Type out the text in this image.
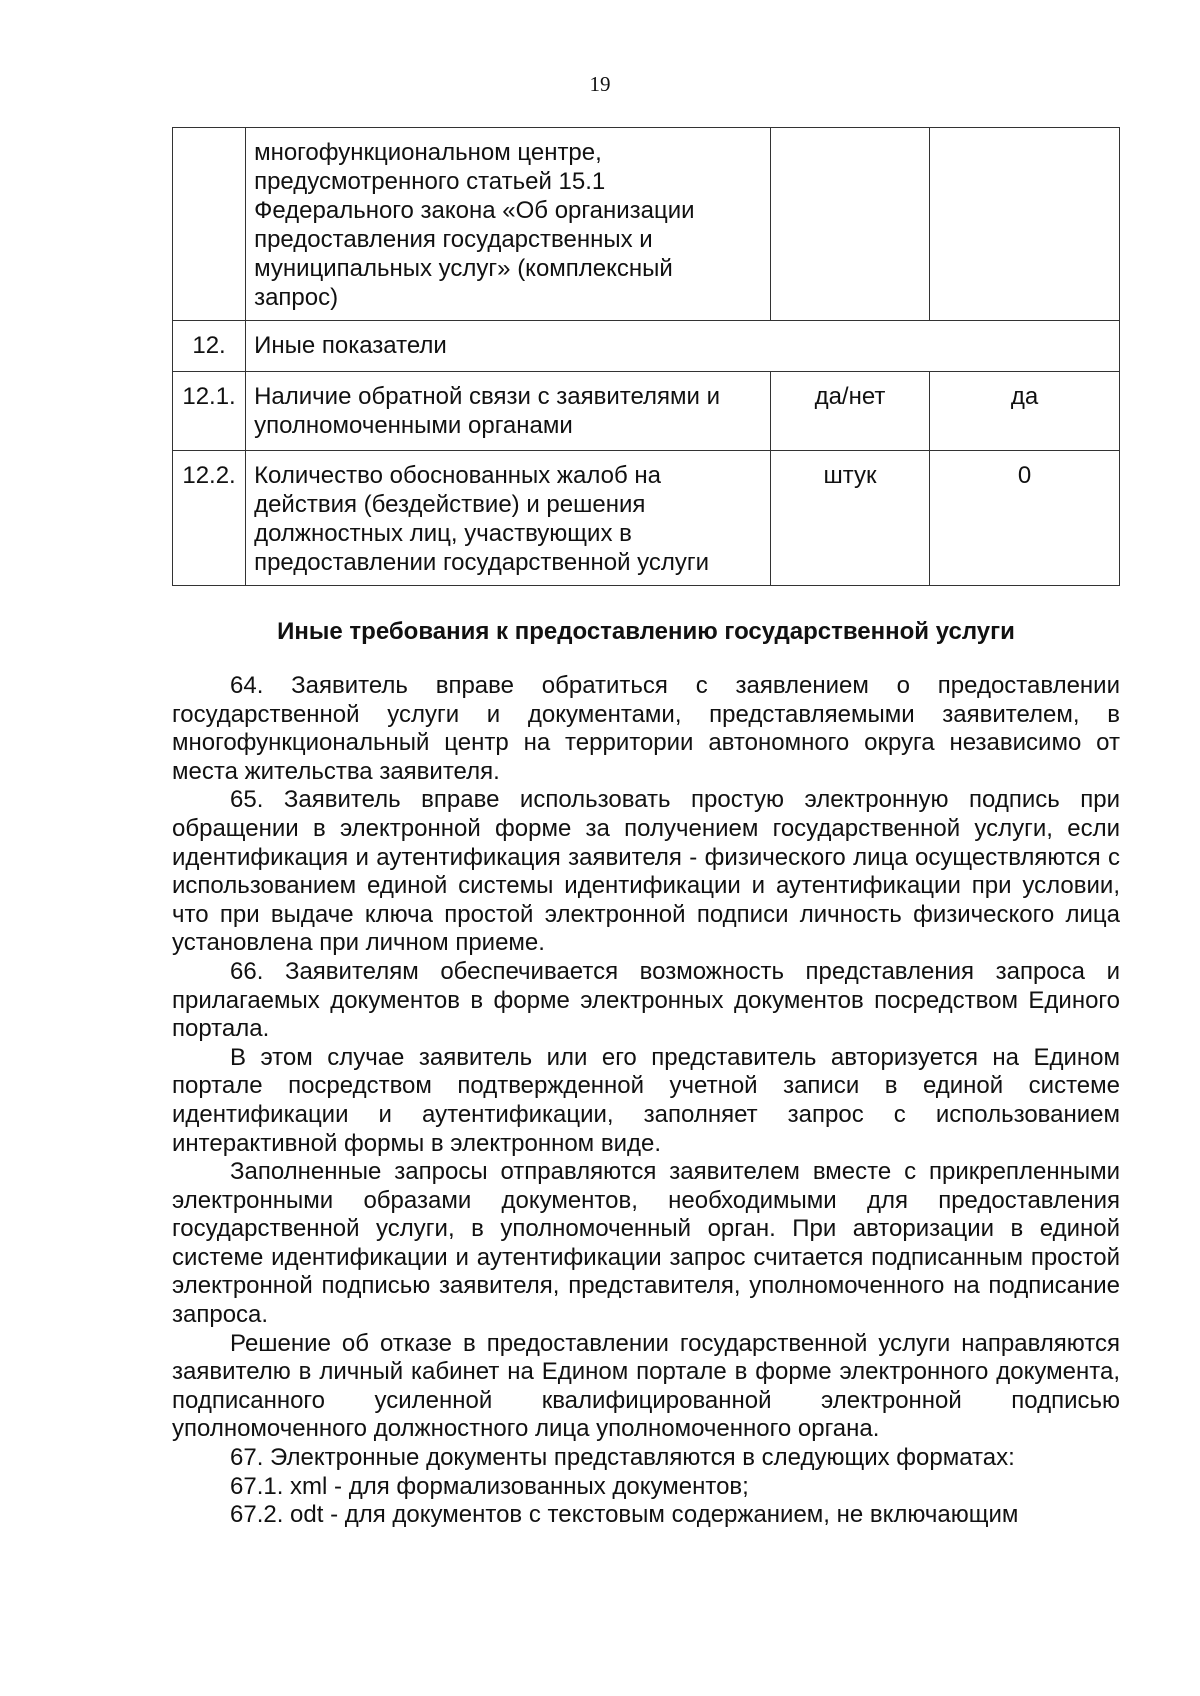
19
	многофункциональном центре, предусмотренного статьей 15.1 Федерального закона «Об организации предоставления государственных и муниципальных услуг» (комплексный запрос)		
12.	Иные показатели		
12.1.	Наличие обратной связи с заявителями и уполномоченными органами	да/нет	да
12.2.	Количество обоснованных жалоб на действия (бездействие) и решения должностных лиц, участвующих в предоставлении государственной услуги	штук	0
Иные требования к предоставлению государственной услуги

64. Заявитель вправе обратиться с заявлением о предоставлении государственной услуги и документами, представляемыми заявителем, в многофункциональный центр на территории автономного округа независимо от места жительства заявителя.

65. Заявитель вправе использовать простую электронную подпись при обращении в электронной форме за получением государственной услуги, если идентификация и аутентификация заявителя - физического лица осуществляются с использованием единой системы идентификации и аутентификации при условии, что при выдаче ключа простой электронной подписи личность физического лица установлена при личном приеме.

66. Заявителям обеспечивается возможность представления запроса и прилагаемых документов в форме электронных документов посредством Единого портала.

В этом случае заявитель или его представитель авторизуется на Едином портале посредством подтвержденной учетной записи в единой системе идентификации и аутентификации, заполняет запрос с использованием интерактивной формы в электронном виде.

Заполненные запросы отправляются заявителем вместе с прикрепленными электронными образами документов, необходимыми для предоставления государственной услуги, в уполномоченный орган. При авторизации в единой системе идентификации и аутентификации запрос считается подписанным простой электронной подписью заявителя, представителя, уполномоченного на подписание запроса.

Решение об отказе в предоставлении государственной услуги направляются заявителю в личный кабинет на Едином портале в форме электронного документа, подписанного усиленной квалифицированной электронной подписью уполномоченного должностного лица уполномоченного органа.

67. Электронные документы представляются в следующих форматах:

67.1. xml - для формализованных документов;

67.2. odt - для документов с текстовым содержанием, не включающим
